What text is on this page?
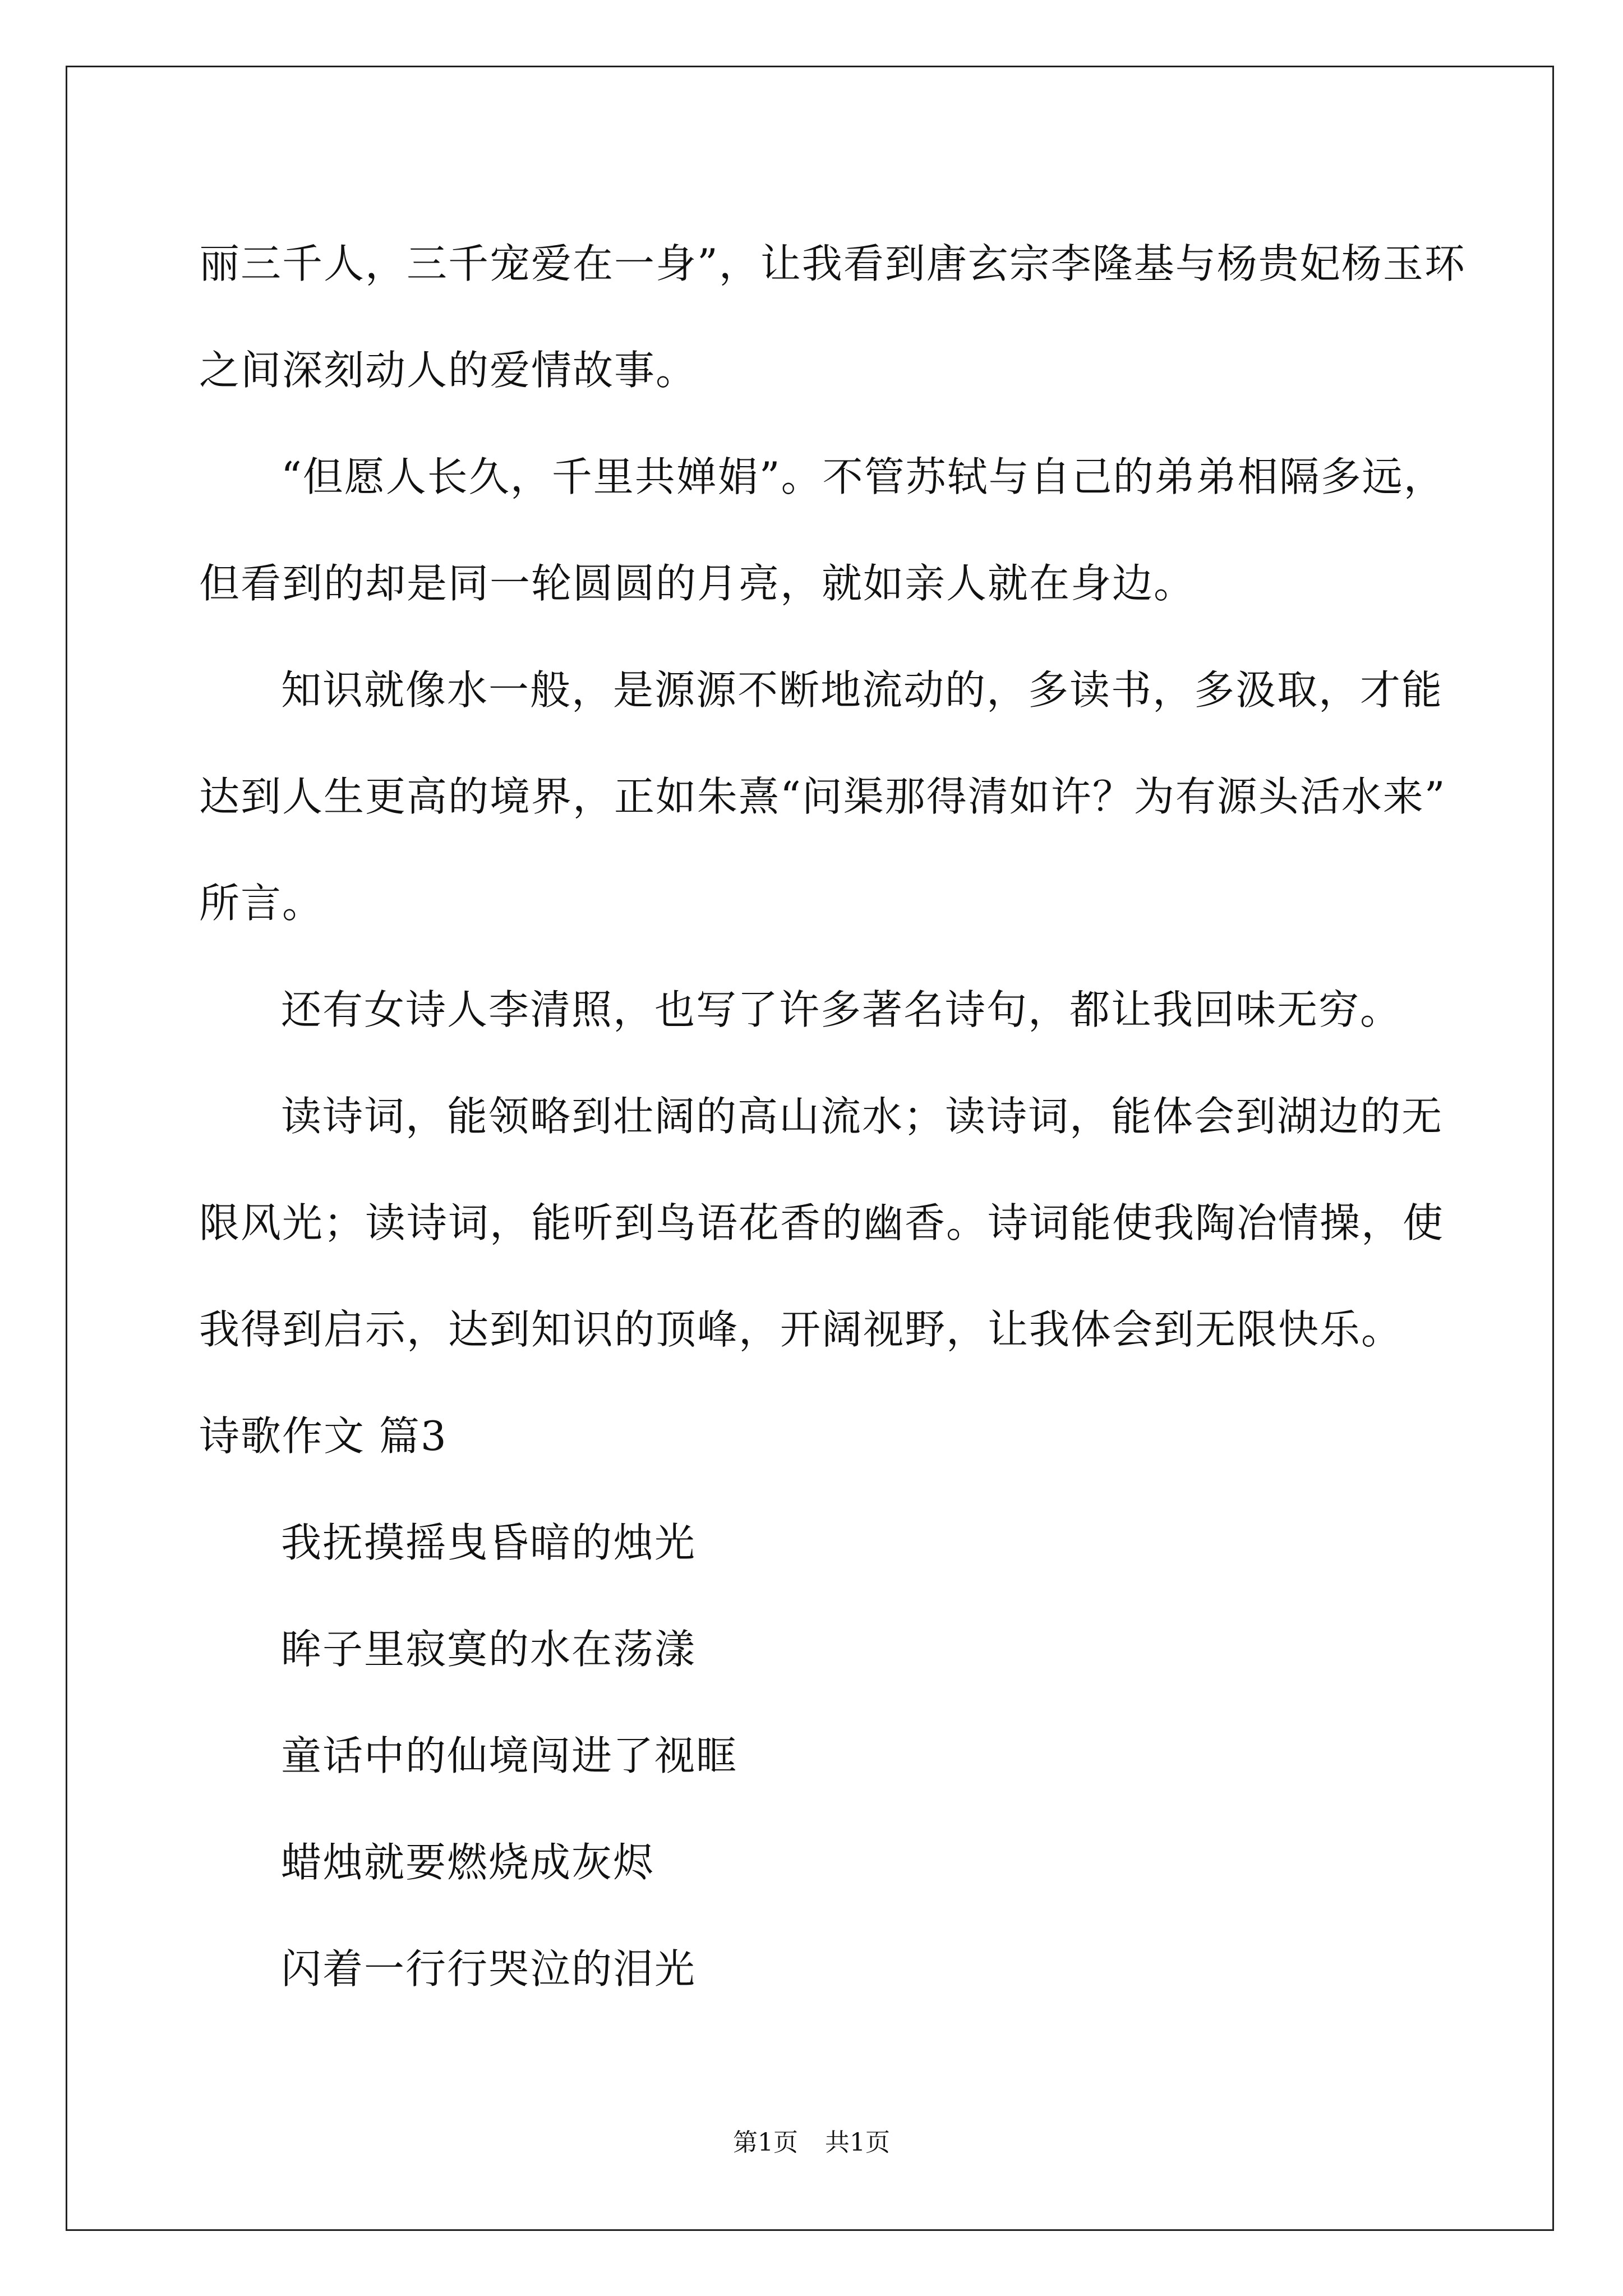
丽三千人，三千宠爱在一身”，让我看到唐玄宗李隆基与杨贵妃杨玉环
之间深刻动人的爱情故事。
“但愿人长久，千里共婵娟”。不管苏轼与自己的弟弟相隔多远，
但看到的却是同一轮圆圆的月亮，就如亲人就在身边。
知识就像水一般，是源源不断地流动的，多读书，多汲取，才能
达到人生更高的境界，正如朱熹“问渠那得清如许？为有源头活水来”
所言。
还有女诗人李清照，也写了许多著名诗句，都让我回味无穷。
读诗词，能领略到壮阔的高山流水；读诗词，能体会到湖边的无
限风光；读诗词，能听到鸟语花香的幽香。诗词能使我陶冶情操，使
我得到启示，达到知识的顶峰，开阔视野，让我体会到无限快乐。
诗歌作文 篇3
我抚摸摇曳昏暗的烛光
眸子里寂寞的水在荡漾
童话中的仙境闯进了视眶
蜡烛就要燃烧成灰烬
闪着一行行哭泣的泪光
第1页 共1页
